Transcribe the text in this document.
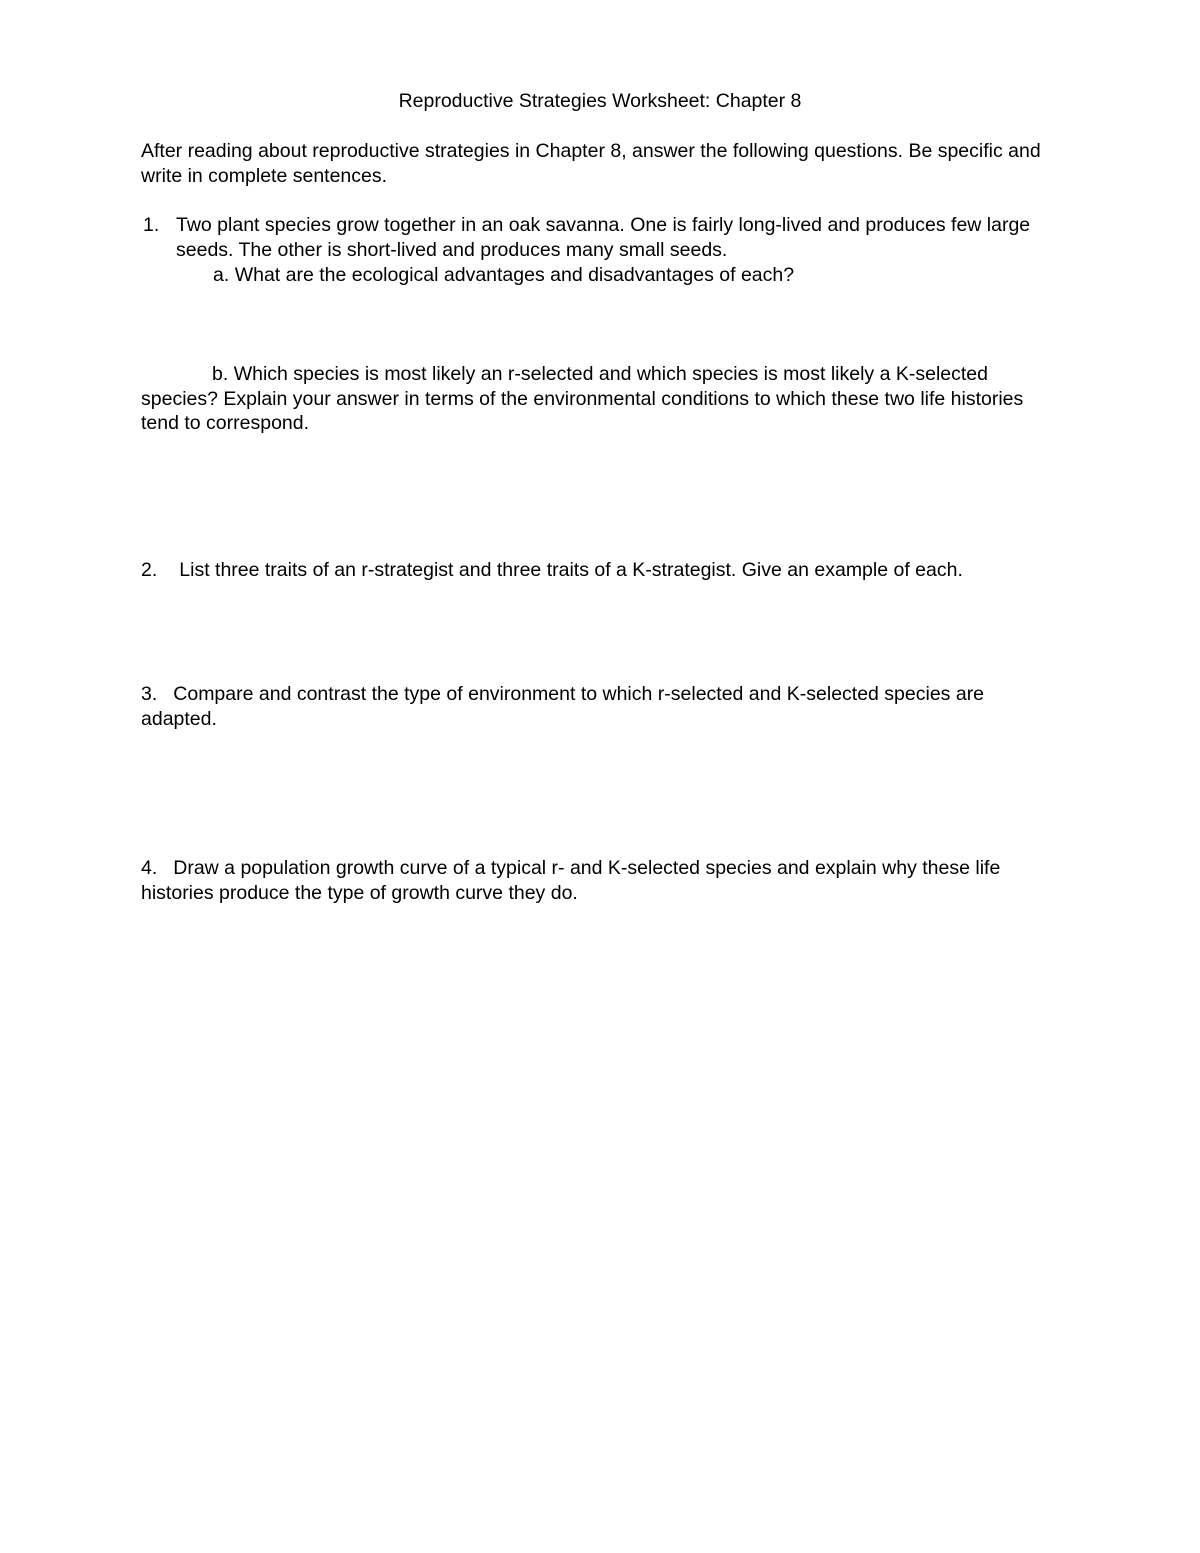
Reproductive Strategies Worksheet: Chapter 8
After reading about reproductive strategies in Chapter 8, answer the following questions. Be specific and write in complete sentences.
1. Two plant species grow together in an oak savanna. One is fairly long-lived and produces few large seeds. The other is short-lived and produces many small seeds.
a. What are the ecological advantages and disadvantages of each?
b. Which species is most likely an r-selected and which species is most likely a K-selected species? Explain your answer in terms of the environmental conditions to which these two life histories tend to correspond.
2. List three traits of an r-strategist and three traits of a K-strategist. Give an example of each.
3. Compare and contrast the type of environment to which r-selected and K-selected species are adapted.
4. Draw a population growth curve of a typical r- and K-selected species and explain why these life histories produce the type of growth curve they do.
